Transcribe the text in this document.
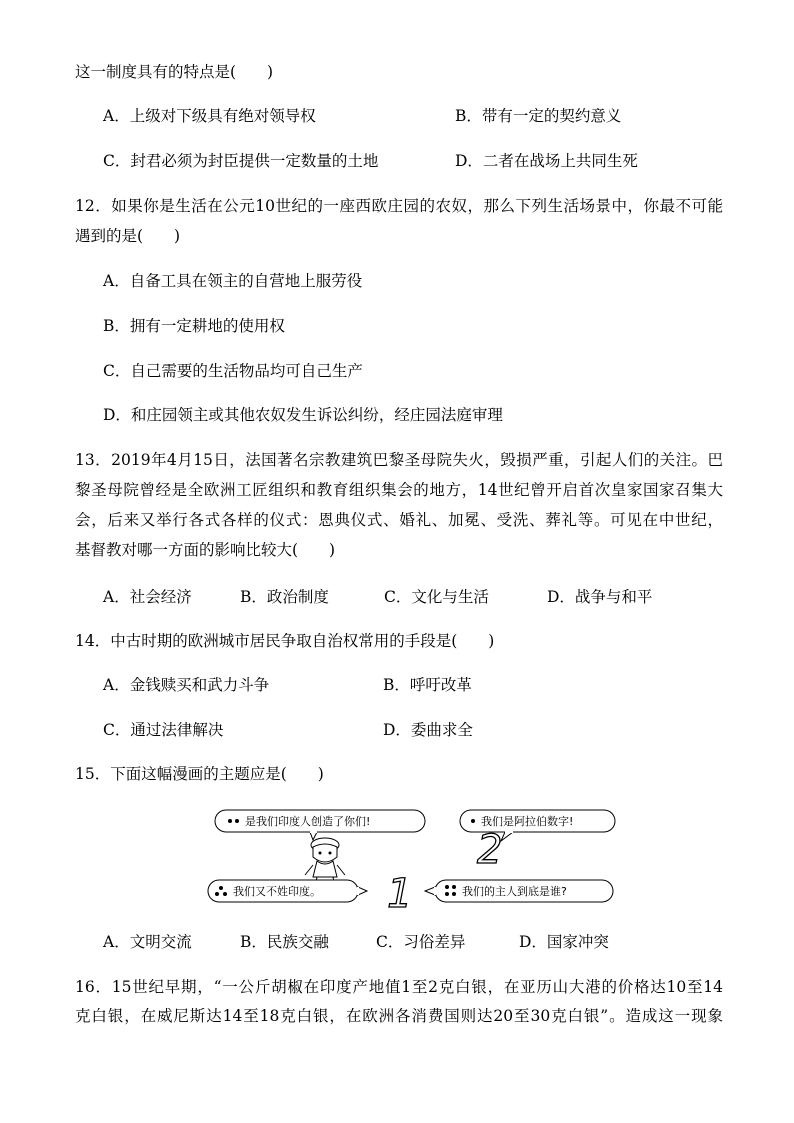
这一制度具有的特点是(　　)
A．上级对下级具有绝对领导权	B．带有一定的契约意义
C．封君必须为封臣提供一定数量的土地	D．二者在战场上共同生死
12．如果你是生活在公元10世纪的一座西欧庄园的农奴，那么下列生活场景中，你最不可能
遇到的是(　　)
A．自备工具在领主的自营地上服劳役
B．拥有一定耕地的使用权
C．自己需要的生活物品均可自己生产
D．和庄园领主或其他农奴发生诉讼纠纷，经庄园法庭审理
13．2019年4月15日，法国著名宗教建筑巴黎圣母院失火，毁损严重，引起人们的关注。巴
黎圣母院曾经是全欧洲工匠组织和教育组织集会的地方，14世纪曾开启首次皇家国家召集大
会，后来又举行各式各样的仪式：恩典仪式、婚礼、加冕、受洗、葬礼等。可见在中世纪，
基督教对哪一方面的影响比较大(　　)
A．社会经济	B．政治制度	C．文化与生活	D．战争与和平
14．中古时期的欧洲城市居民争取自治权常用的手段是(　　)
A．金钱赎买和武力斗争	B．呼吁改革
C．通过法律解决	D．委曲求全
15．下面这幅漫画的主题应是(　　)
是我们印度人创造了你们!	我们是阿拉伯数字!
2
我们又不姓印度。 1	我们的主人到底是谁?
A．文明交流	B．民族交融	C．习俗差异	D．国家冲突
16．15世纪早期，“一公斤胡椒在印度产地值1至2克白银，在亚历山大港的价格达10至14
克白银，在威尼斯达14至18克白银，在欧洲各消费国则达20至30克白银”。造成这一现象
